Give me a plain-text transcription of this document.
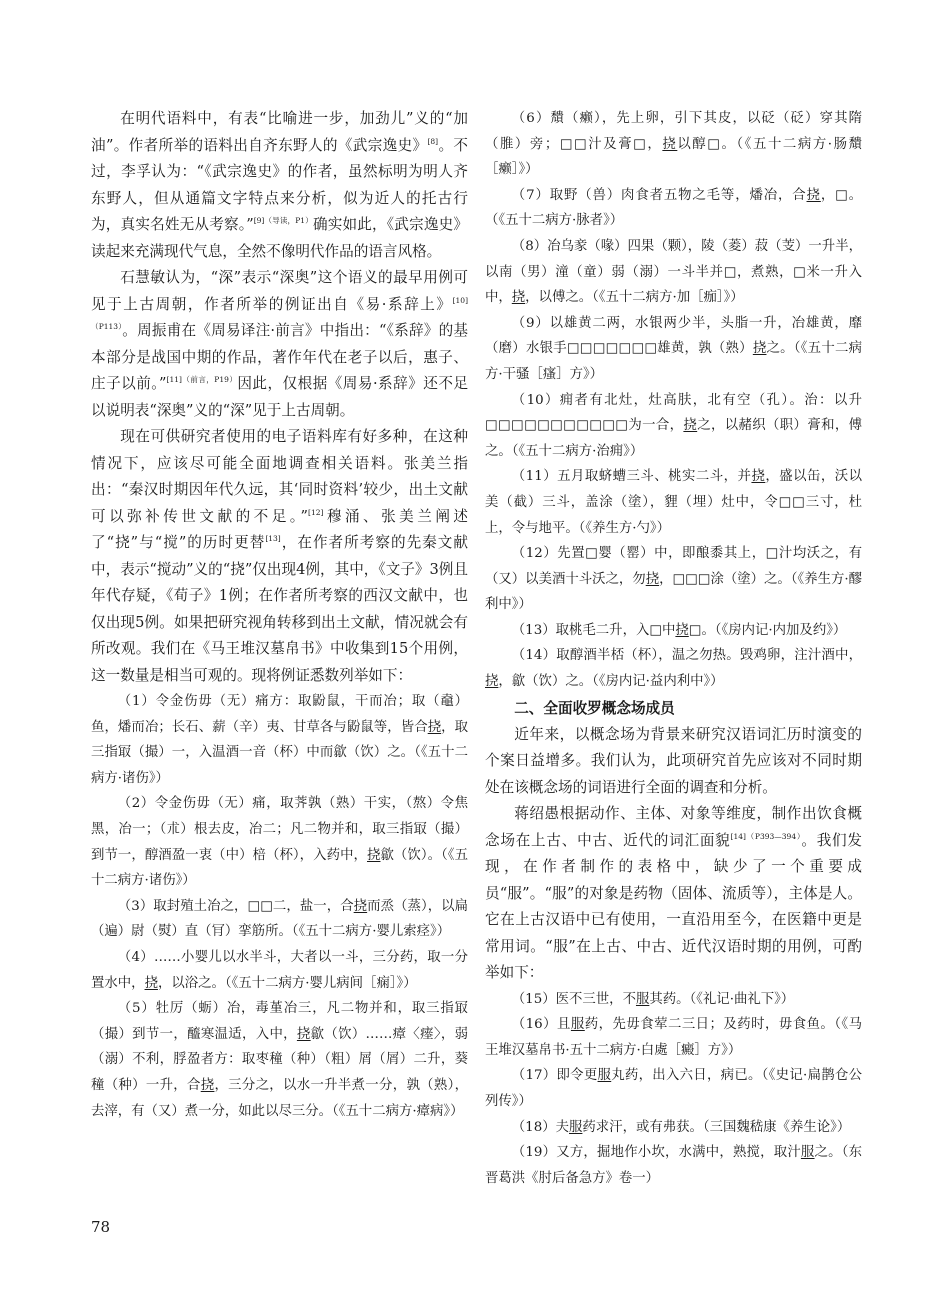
在明代语料中，有表“比喻进一步，加劲儿”义的“加油”。作者所举的语料出自齐东野人的《武宗逸史》[8]。不过，李孚认为：“《武宗逸史》的作者，虽然标明为明人齐东野人，但从通篇文字特点来分析，似为近人的托古行为，真实名姓无从考察。”$^{[9](导读,P1)}$确实如此，《武宗逸史》读起来充满现代气息，全然不像明代作品的语言风格。

石慧敏认为，“深”表示“深奥”这个语义的最早用例可见于上古周朝，作者所举的例证出自《易·系辞上》$^{[10](P113)}$。周振甫在《周易译注·前言》中指出：“《系辞》的基本部分是战国中期的作品，著作年代在老子以后，惠子、庄子以前。”$^{[11](前言,P19)}$因此，仅根据《周易·系辞》还不足以说明表“深奥”义的“深”见于上古周朝。

现在可供研究者使用的电子语料库有好多种，在这种情况下，应该尽可能全面地调查相关语料。张美兰指出：“秦汉时期因年代久远，其‘同时资料’较少，出土文献可以弥补传世文献的不足。”[12]穆涌、张美兰阐述了“挠”与“搅”的历时更替[13]，在作者所考察的先秦文献中，表示“搅动”义的“挠”仅出现4例，其中，《文子》3例且年代存疑，《荀子》1例；在作者所考察的西汉文献中，也仅出现5例。如果把研究视角转移到出土文献，情况就会有所改观。我们在《马王堆汉墓帛书》中收集到15个用例，这一数量是相当可观的。现将例证悉数列举如下：

（1）令金伤毋（无）痛方：取鼢鼠，干而冶；取（鼀）鱼，燔而冶；长石、薪（辛）夷、甘草各与鼢鼠等，皆合挠，取三指冣（撮）一，入温酒一音（杯）中而歙（饮）之。（《五十二病方·诸伤》）

（2）令金伤毋（无）痛，取荠孰（熟）干实，（熬）令焦黑，冶一；（朮）根去皮，冶二；凡二物并和，取三指冣（撮）到节一，醇酒盈一衷（中）棓（杯），入药中，挠歙（饮）。（《五十二病方·诸伤》）

（3）取封殖土冶之，□□二，盐一，合挠而烝（蒸），以扁（遍）尉（熨）直（肎）挛筋所。（《五十二病方·婴儿索痉》）

（4）……小婴儿以水半斗，大者以一斗，三分药，取一分置水中，挠，以浴之。（《五十二病方·婴儿病间［痫］》）

（5）牡厉（蛎）冶，毒堇冶三，凡二物并和，取三指冣（撮）到节一，醯寒温适，入中，挠歙（饮）……瘴〈瘗〉，弱（溺）不利，脬盈者方：取枣穜（种）（粗）屑（屑）二升，葵穜（种）一升，合挠，三分之，以水一升半煮一分，孰（熟），去滓，有（又）煮一分，如此以尽三分。（《五十二病方·瘴病》）

（6）穨（癞），先上卵，引下其皮，以砭（砭）穿其隋（脽）旁；□□汁及膏□，挠以醇□。（《五十二病方·肠穨［癞］》）

（7）取野（兽）肉食者五物之毛等，燔冶，合挠，□。（《五十二病方·脉者》）

（8）冶乌豙（喙）四果（颗），陵（菱）菽（芰）一升半，以南（男）潼（童）弱（溺）一斗半并□，煮熟，□米一升入中，挠，以傅之。（《五十二病方·加［痂］》）

（9）以雄黄二两，水银两少半，头脂一升，冶雄黄，靡（磨）水银手□□□□□□□雄黄，孰（熟）挠之。（《五十二病方·干骚［瘙］方》）

（10）痈者有北灶，灶高肤，北有空（孔）。治：以升□□□□□□□□□□□为一合，挠之，以赭织（职）膏和，傅之。（《五十二病方·治痈》）

（11）五月取蛴螬三斗、桃实二斗，并挠，盛以缶，沃以美（截）三斗，盖涂（塗），貍（埋）灶中，令□□三寸，杜上，令与地平。（《养生方·勺》）

（12）先置□婴（罂）中，即酿黍其上，□汁均沃之，有（又）以美酒十斗沃之，勿挠，□□□涂（塗）之。（《养生方·醪利中》）

（13）取桃毛二升，入□中挠□。（《房内记·内加及约》）

（14）取醇酒半桮（杯），温之勿热。毁鸡卵，注汁酒中，挠，歙（饮）之。（《房内记·益内利中》）

二、全面收罗概念场成员

近年来，以概念场为背景来研究汉语词汇历时演变的个案日益增多。我们认为，此项研究首先应该对不同时期处在该概念场的词语进行全面的调查和分析。

蒋绍愚根据动作、主体、对象等维度，制作出饮食概念场在上古、中古、近代的词汇面貌$^{[14](P393—394)}$。我们发现，在作者制作的表格中，缺少了一个重要成员“服”。“服”的对象是药物（固体、流质等），主体是人。它在上古汉语中已有使用，一直沿用至今，在医籍中更是常用词。“服”在上古、中古、近代汉语时期的用例，可酌举如下：

（15）医不三世，不服其药。（《礼记·曲礼下》）

（16）且服药，先毋食荤二三日；及药时，毋食鱼。（《马王堆汉墓帛书·五十二病方·白處［癜］方》）

（17）即令更服丸药，出入六日，病已。（《史记·扁鹊仓公列传》）

（18）夫服药求汗，或有弗获。（三国魏嵇康《养生论》）

（19）又方，掘地作小坎，水满中，熟搅，取汁服之。（东晋葛洪《肘后备急方》卷一）

78
